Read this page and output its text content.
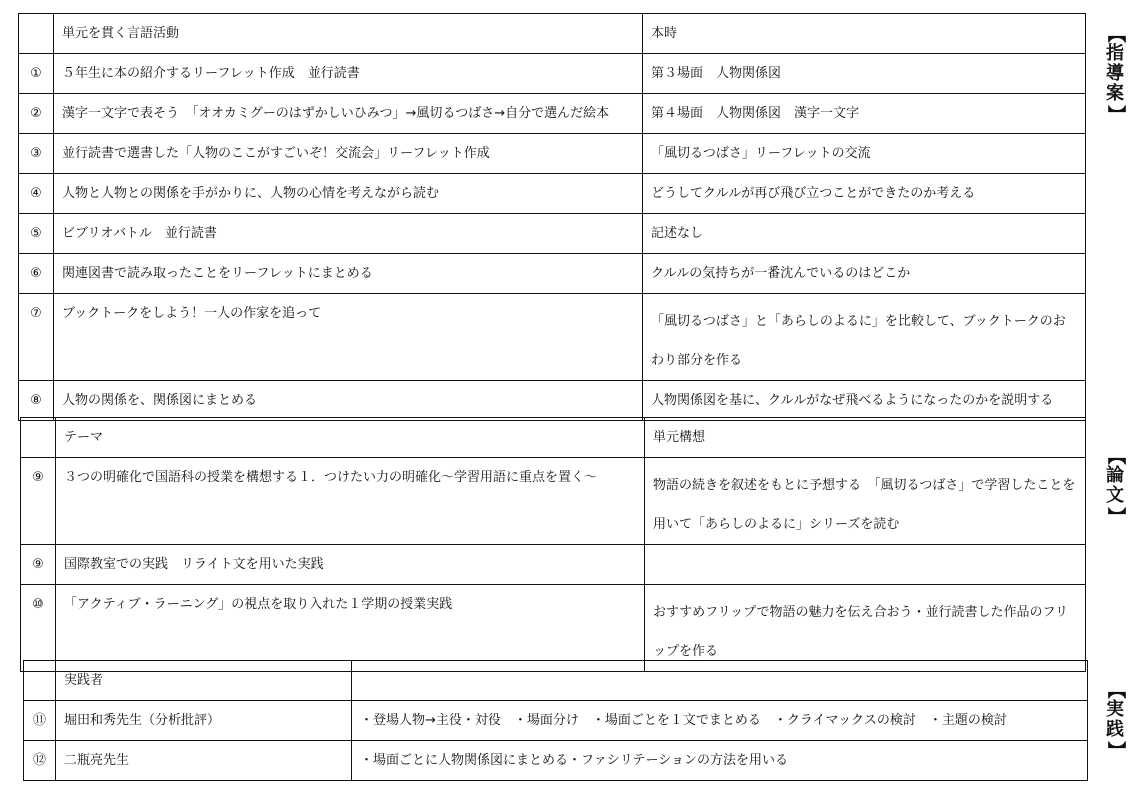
	単元を貫く言語活動	本時
①	５年生に本の紹介するリーフレット作成　並行読書	第３場面　人物関係図
②	漢字一文字で表そう　「オオカミグーのはずかしいひみつ」→風切るつばさ→自分で選んだ絵本	第４場面　人物関係図　漢字一文字
③	並行読書で選書した「人物のここがすごいぞ！交流会」リーフレット作成	「風切るつばさ」リーフレットの交流
④	人物と人物との関係を手がかりに、人物の心情を考えながら読む	どうしてクルルが再び飛び立つことができたのか考える
⑤	ビブリオバトル　並行読書	記述なし
⑥	関連図書で読み取ったことをリーフレットにまとめる	クルルの気持ちが一番沈んでいるのはどこか
⑦	ブックトークをしよう！一人の作家を追って	「風切るつばさ」と「あらしのよるに」を比較して、ブックトークのおわり部分を作る
⑧	人物の関係を、関係図にまとめる	人物関係図を基に、クルルがなぜ飛べるようになったのかを説明する
	テーマ	単元構想
⑨	３つの明確化で国語科の授業を構想する１．つけたい力の明確化～学習用語に重点を置く～	物語の続きを叙述をもとに予想する　「風切るつばさ」で学習したことを用いて「あらしのよるに」シリーズを読む
⑨	国際教室での実践　リライト文を用いた実践	
⑩	「アクティブ・ラーニング」の視点を取り入れた１学期の授業実践	おすすめフリップで物語の魅力を伝え合おう・並行読書した作品のフリップを作る
	実践者	
⑪	堀田和秀先生（分析批評）	・登場人物→主役・対役　・場面分け　・場面ごとを１文でまとめる　・クライマックスの検討　・主題の検討
⑫	二瓶亮先生	・場面ごとに人物関係図にまとめる・ファシリテーションの方法を用いる
【
指
導
案
】
【
論
文
】
【
実
践
】
